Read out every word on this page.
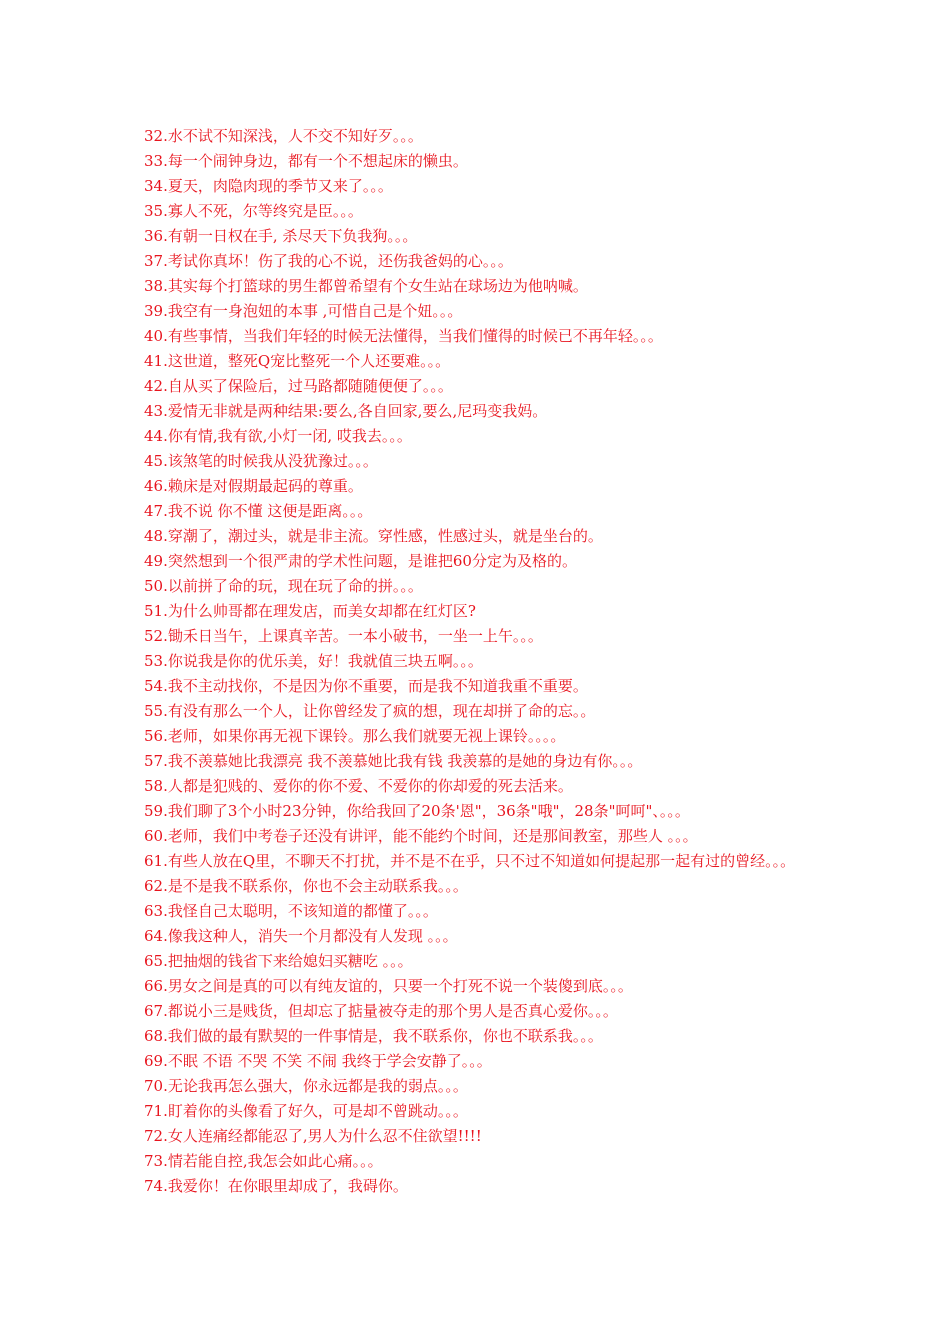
32.水不试不知深浅，人不交不知好歹。。。
33.每一个闹钟身边，都有一个不想起床的懒虫。
34.夏天，肉隐肉现的季节又来了。。。
35.寡人不死，尔等终究是臣。。。
36.有朝一日权在手, 杀尽天下负我狗。。。
37.考试你真坏！伤了我的心不说，还伤我爸妈的心。。。
38.其实每个打篮球的男生都曾希望有个女生站在球场边为他呐喊。
39.我空有一身泡妞的本事 ,可惜自己是个妞。。。
40.有些事情，当我们年轻的时候无法懂得，当我们懂得的时候已不再年轻。。。
41.这世道，整死Q宠比整死一个人还要难。。。
42.自从买了保险后，过马路都随随便便了。。。
43.爱情无非就是两种结果:要么,各自回家,要么,尼玛变我妈。
44.你有情,我有欲,小灯一闭, 哎我去。。。
45.该煞笔的时候我从没犹豫过。。。
46.赖床是对假期最起码的尊重。
47.我不说 你不懂 这便是距离。。。
48.穿潮了，潮过头，就是非主流。穿性感，性感过头，就是坐台的。
49.突然想到一个很严肃的学术性问题，是谁把60分定为及格的。
50.以前拼了命的玩，现在玩了命的拼。。。
51.为什么帅哥都在理发店，而美女却都在红灯区?
52.锄禾日当午，上课真辛苦。一本小破书，一坐一上午。。。
53.你说我是你的优乐美，好！我就值三块五啊。。。
54.我不主动找你，不是因为你不重要，而是我不知道我重不重要。
55.有没有那么一个人，让你曾经发了疯的想，现在却拼了命的忘。。
56.老师，如果你再无视下课铃。那么我们就要无视上课铃。。。。
57.我不羡慕她比我漂亮 我不羡慕她比我有钱 我羡慕的是她的身边有你。。。
58.人都是犯贱的、爱你的你不爱、不爱你的你却爱的死去活来。
59.我们聊了3个小时23分钟，你给我回了20条'恩"，36条"哦"，28条"呵呵"、。。。
60.老师，我们中考卷子还没有讲评，能不能约个时间，还是那间教室，那些人 。。。
61.有些人放在Q里，不聊天不打扰，并不是不在乎，只不过不知道如何提起那一起有过的曾经。。。
62.是不是我不联系你，你也不会主动联系我。。。
63.我怪自己太聪明，不该知道的都懂了。。。
64.像我这种人，消失一个月都没有人发现 。。。
65.把抽烟的钱省下来给媳妇买糖吃 。。。
66.男女之间是真的可以有纯友谊的，只要一个打死不说一个装傻到底。。。
67.都说小三是贱货，但却忘了掂量被夺走的那个男人是否真心爱你。。。
68.我们做的最有默契的一件事情是，我不联系你，你也不联系我。。。
69.不眠 不语 不哭 不笑 不闹 我终于学会安静了。。。
70.无论我再怎么强大，你永远都是我的弱点。。。
71.盯着你的头像看了好久，可是却不曾跳动。。。
72.女人连痛经都能忍了,男人为什么忍不住欲望!!!!
73.情若能自控,我怎会如此心痛。。。
74.我爱你！在你眼里却成了，我碍你。
